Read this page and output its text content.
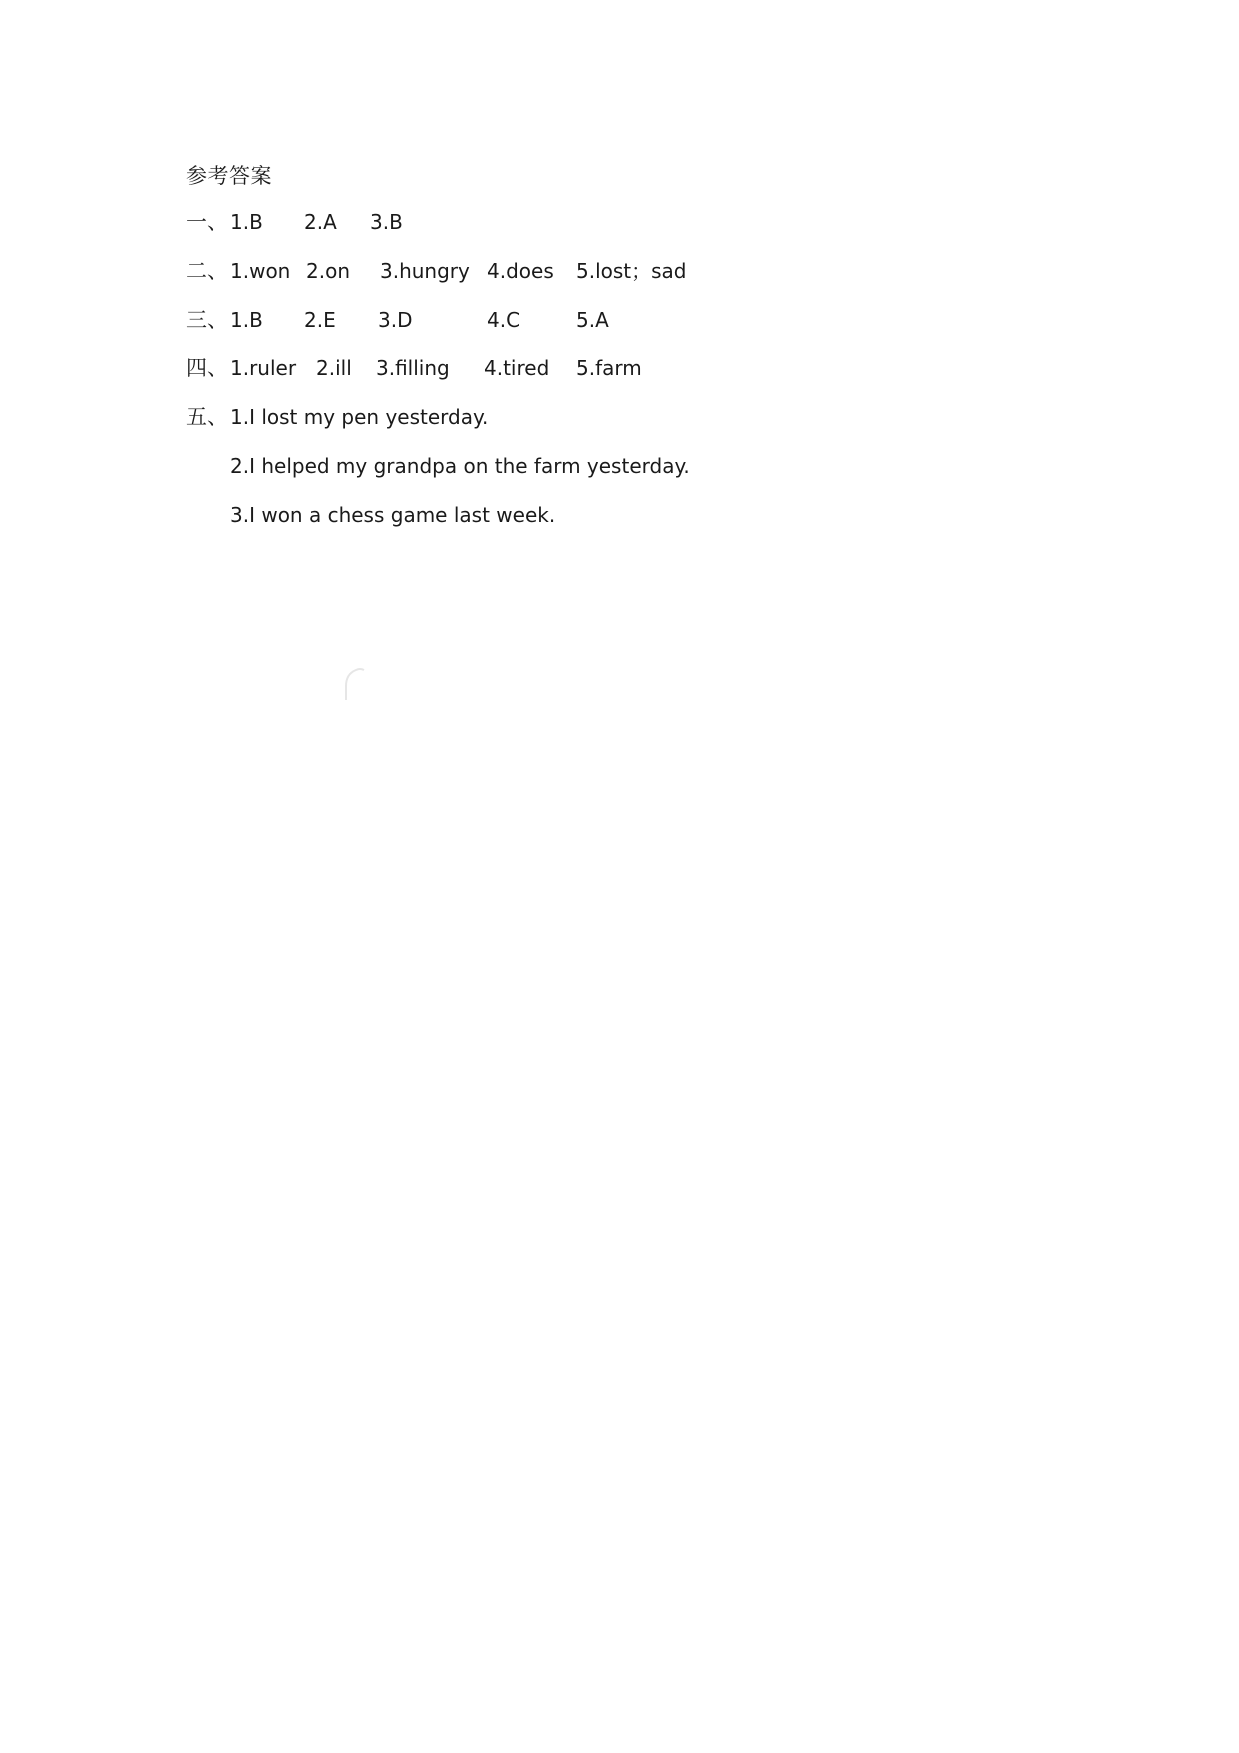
参考答案
一、 1.B 2.A 3.B
二、 1.won 2.on 3.hungry 4.does 5.lost；sad
三、 1.B 2.E 3.D	4.C	5.A
四、 1.ruler 2.ill 3.filling 4.tired 5.farm
五、 1.I lost my pen yesterday.
2.I helped my grandpa on the farm yesterday.
3.I won a chess game last week.
